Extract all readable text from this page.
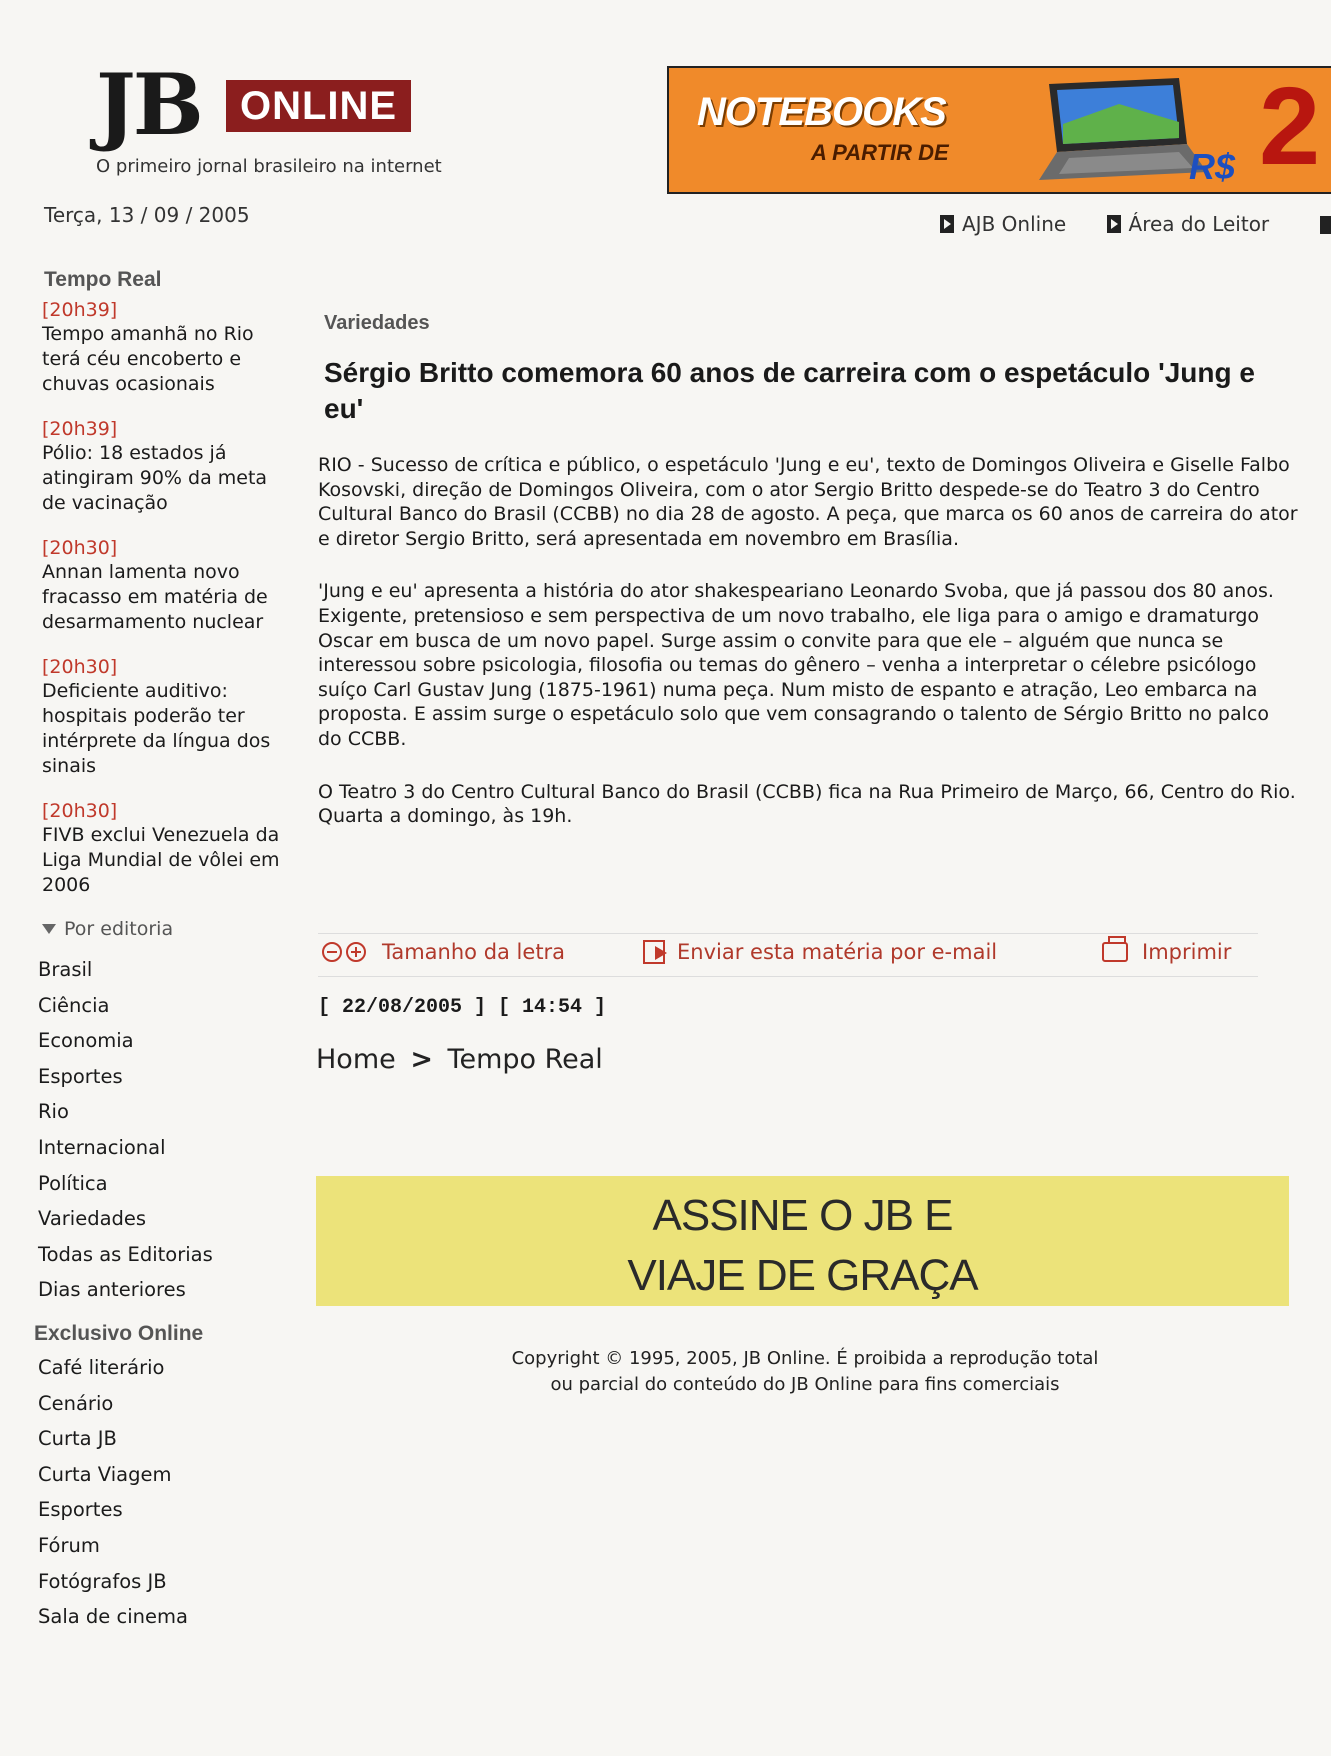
JB ONLINE
O primeiro jornal brasileiro na internet
Terça, 13 / 09 / 2005
NOTEBOOKS
A PARTIR DE	R$ 2
AJB Online
	Área do Leitor
Tempo Real
[20h39]
Tempo amanhã no Rio terá céu encoberto e chuvas ocasionais
[20h39]
Pólio: 18 estados já atingiram 90% da meta de vacinação
[20h30]
Annan lamenta novo fracasso em matéria de desarmamento nuclear
[20h30]
Deficiente auditivo: hospitais poderão ter intérprete da língua dos sinais
[20h30]
FIVB exclui Venezuela da Liga Mundial de vôlei em 2006
Por editoria
Brasil
Ciência
Economia
Esportes
Rio
Internacional
Política
Variedades
Todas as Editorias
Dias anteriores
Exclusivo Online
Café literário
Cenário
Curta JB
Curta Viagem
Esportes
Fórum
Fotógrafos JB
Sala de cinema
Variedades
Sérgio Britto comemora 60 anos de carreira com o espetáculo 'Jung e eu'

RIO - Sucesso de crítica e público, o espetáculo 'Jung e eu', texto de Domingos Oliveira e Giselle Falbo Kosovski, direção de Domingos Oliveira, com o ator Sergio Britto despede-se do Teatro 3 do Centro Cultural Banco do Brasil (CCBB) no dia 28 de agosto. A peça, que marca os 60 anos de carreira do ator e diretor Sergio Britto, será apresentada em novembro em Brasília.

'Jung e eu' apresenta a história do ator shakespeariano Leonardo Svoba, que já passou dos 80 anos. Exigente, pretensioso e sem perspectiva de um novo trabalho, ele liga para o amigo e dramaturgo Oscar em busca de um novo papel. Surge assim o convite para que ele – alguém que nunca se interessou sobre psicologia, filosofia ou temas do gênero – venha a interpretar o célebre psicólogo suíço Carl Gustav Jung (1875-1961) numa peça. Num misto de espanto e atração, Leo embarca na proposta. E assim surge o espetáculo solo que vem consagrando o talento de Sérgio Britto no palco do CCBB.

O Teatro 3 do Centro Cultural Banco do Brasil (CCBB) fica na Rua Primeiro de Março, 66, Centro do Rio. Quarta a domingo, às 19h.

Tamanho da letra	Enviar esta matéria por e-mail	Imprimir
[ 22/08/2005 ] [ 14:54 ]
Home > Tempo Real
ASSINE O JB E
VIAJE DE GRAÇA
Copyright © 1995, 2005, JB Online. É proibida a reprodução total
ou parcial do conteúdo do JB Online para fins comerciais
